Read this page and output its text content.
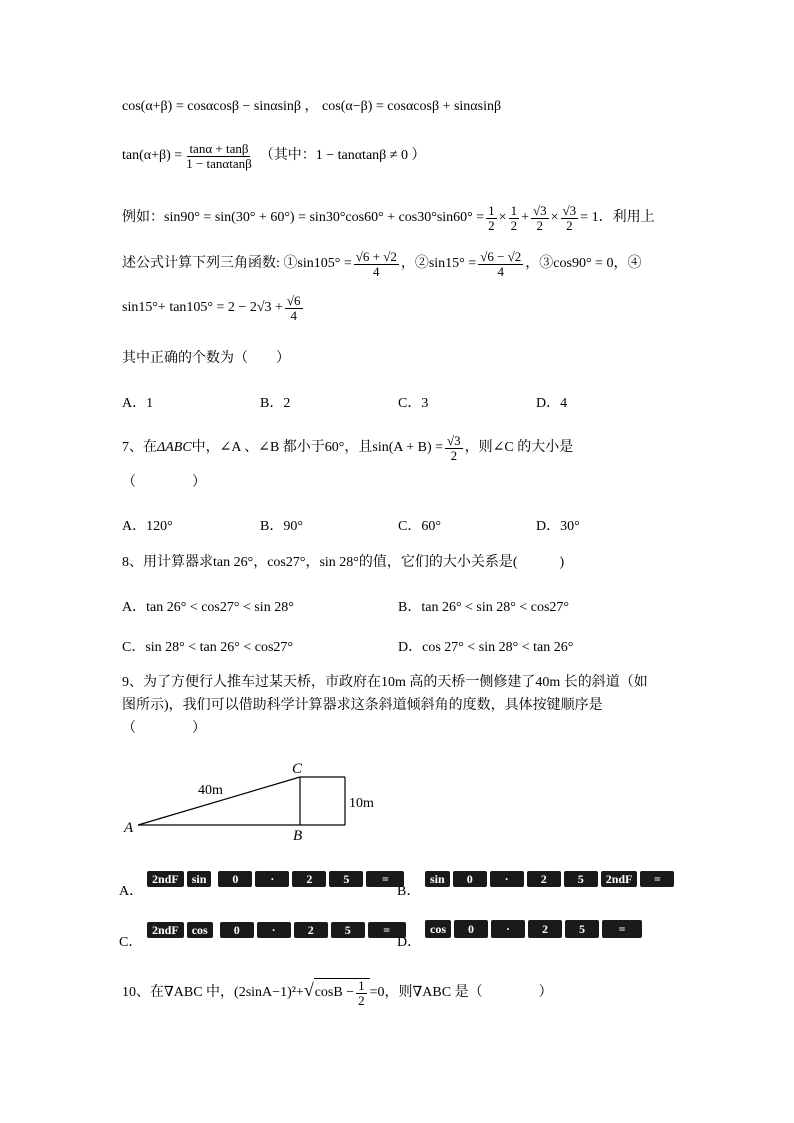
cos(α+β) = cosαcosβ − sinαsinβ ， cos(α−β) = cosαcosβ + sinαsinβ
$\tan(\alpha+\beta) = \frac{\tan\alpha + \tan\beta}{1 - \tan\alpha\tan\beta}$ （其中：1 − tanαtanβ ≠ 0 ）
例如： $\sin 90^\circ = \sin(30^\circ + 60^\circ) = \sin 30^\circ\cos 60^\circ + \cos 30^\circ\sin 60^\circ = \frac{1}{2} \times \frac{1}{2} + \frac{√3}{2} \times \frac{√3}{2} = 1$ ．利用上
述公式计算下列三角函数: ①sin105° = $\frac{√6 + √2}{4}$ ，②sin15° = $\frac{√6 - √2}{4}$ ，③cos90° = 0，④
$\sin 15^\circ+ \tan 105^\circ = 2 - 2√3 + \frac{√6}{4}$
其中正确的个数为（　　）
A．1	B．2	C．3	D．4
7、在 ΔABC 中，∠A 、∠B 都小于60°，且$\sin(A + B) = \frac{√3}{2}$ ，则∠C 的大小是
（　　　　）
A．120°	B．90°	C．60°	D．30°
8、用计算器求tan 26°，cos27°，sin 28°的值，它们的大小关系是(　　　)
A．tan 26° < cos27° < sin 28°	B．tan 26° < sin 28° < cos27°
C．sin 28° < tan 26° < cos27°	D．cos 27° < sin 28° < tan 26°
9、为了方便行人推车过某天桥，市政府在10m 高的天桥一侧修建了40m 长的斜道（如
图所示)，我们可以借助科学计算器求这条斜道倾斜角的度数，具体按键顺序是
（　　　　）
A	B
C
40m
10m
A．
2ndF	sin	0	·	2	5	=
B．
sin	0	·	2	5	2ndF	=
C．
2ndF	cos	0	·	2	5	=
D．
cos	0	·	2	5	=
10、在∇ABC 中，(2sinA−1)²+ √ $\cos B - \frac{1}{2} =0$，则∇ABC 是（　　　　）
